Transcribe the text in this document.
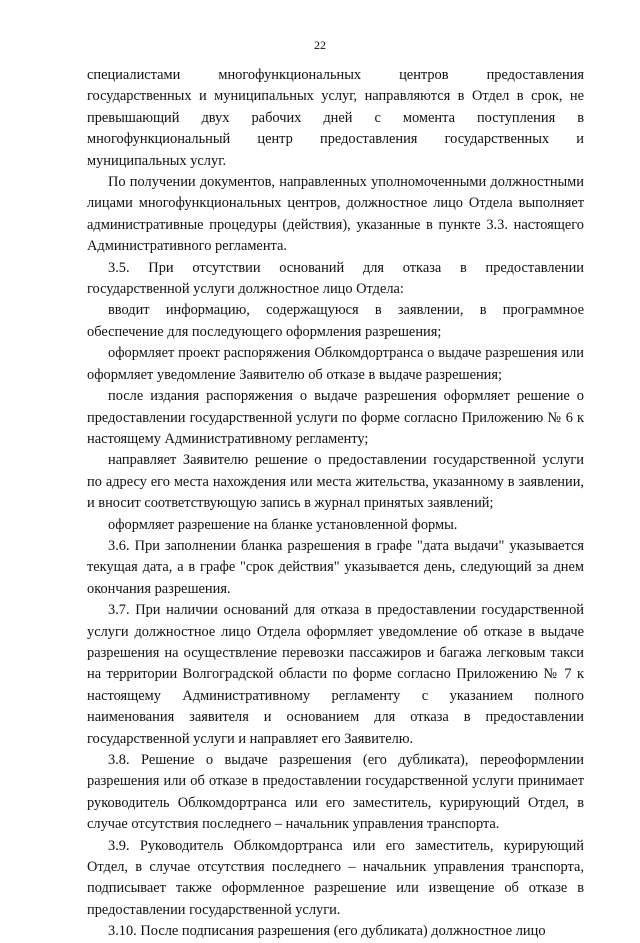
22

специалистами многофункциональных центров предоставления государственных и муниципальных услуг, направляются в Отдел в срок, не превышающий двух рабочих дней с момента поступления в многофункциональный центр предоставления государственных и муниципальных услуг.

По получении документов, направленных уполномоченными должностными лицами многофункциональных центров, должностное лицо Отдела выполняет административные процедуры (действия), указанные в пункте 3.3. настоящего Административного регламента.

3.5. При отсутствии оснований для отказа в предоставлении государственной услуги должностное лицо Отдела:

вводит информацию, содержащуюся в заявлении, в программное обеспечение для последующего оформления разрешения;

оформляет проект распоряжения Облкомдортранса о выдаче разрешения или оформляет уведомление Заявителю об отказе в выдаче разрешения;

после издания распоряжения о выдаче разрешения оформляет решение о предоставлении государственной услуги по форме согласно Приложению № 6 к настоящему Административному регламенту;

направляет Заявителю решение о предоставлении государственной услуги по адресу его места нахождения или места жительства, указанному в заявлении, и вносит соответствующую запись в журнал принятых заявлений;

оформляет разрешение на бланке установленной формы.

3.6. При заполнении бланка разрешения в графе "дата выдачи" указывается текущая дата, а в графе "срок действия" указывается день, следующий за днем окончания разрешения.

3.7. При наличии оснований для отказа в предоставлении государственной услуги должностное лицо Отдела оформляет уведомление об отказе в выдаче разрешения на осуществление перевозки пассажиров и багажа легковым такси на территории Волгоградской области по форме согласно Приложению № 7 к настоящему Административному регламенту с указанием полного наименования заявителя и основанием для отказа в предоставлении государственной услуги и направляет его Заявителю.

3.8. Решение о выдаче разрешения (его дубликата), переоформлении разрешения или об отказе в предоставлении государственной услуги принимает руководитель Облкомдортранса или его заместитель, курирующий Отдел, в случае отсутствия последнего – начальник управления транспорта.

3.9. Руководитель Облкомдортранса или его заместитель, курирующий Отдел, в случае отсутствия последнего – начальник управления транспорта, подписывает также оформленное разрешение или извещение об отказе в предоставлении государственной услуги.

3.10. После подписания разрешения (его дубликата) должностное лицо
